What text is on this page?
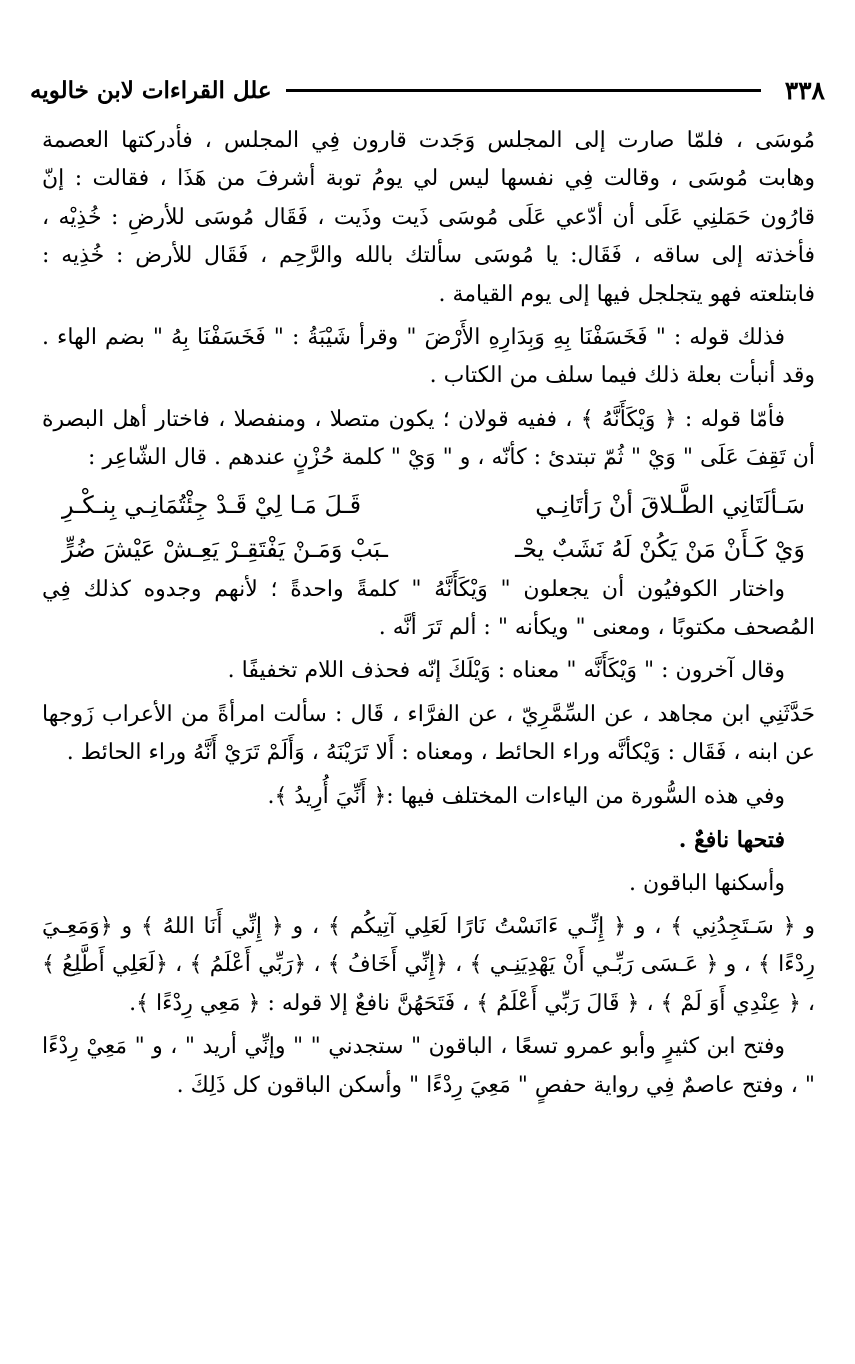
٣٣٨
علل القراءات لابن خالويه

مُوسَى ، فلمّا صارت إلى المجلس وَجَدت قارون فِي المجلس ، فأدركتها العصمة وهابت مُوسَى ، وقالت فِي نفسها ليس لي يومُ توبة أشرفَ من هَذَا ، فقالت : إنّ قارُون حَمَلنِي عَلَى أن أدّعي عَلَى مُوسَى ذَيت وذَيت ، فَقَال مُوسَى للأرضِ : خُذِيْه ، فأخذته إلى ساقه ، فَقَال: يا مُوسَى سألتك بالله والرَّحِم ، فَقَال للأرض : خُذِيه : فابتلعته فهو يتجلجل فيها إلى يوم القيامة .

فذلك قوله : " فَخَسَفْنَا بِهِ وَبِدَارِهِ الأَرْضَ " وقرأ شَيْبَةُ : " فَخَسَفْنَا بِهُ " بضم الهاء . وقد أنبأت بعلة ذلك فيما سلف من الكتاب .

فأمّا قوله : ﴿ وَيْكَأَنَّهُ ﴾ ، ففيه قولان ؛ يكون متصلا ، ومنفصلا ، فاختار أهل البصرة أن تَقِفَ عَلَى " وَيْ " ثُمّ تبتدئ : كأنّه ، و " وَيْ " كلمة حُزْنٍ عندهم . قال الشّاعِر :

سَـألَتَانِي الطَّـلاقَ أنْ رَأتَانِـي
قَـلَ مَـا لِيْ قَـدْ جِئْتُمَانِـي بِنـكْـرِ
وَيْ كَـأَنْ مَنْ يَكُنْ لَهُ نَشَبٌ يحْـ
ـبَبْ وَمَـنْ يَفْتَقِـرْ يَعِـشْ عَيْشَ ضُرٍّ

واختار الكوفيُون أن يجعلون " وَيْكَأَنَّهُ " كلمةً واحدةً ؛ لأنهم وجدوه كذلك فِي المُصحف مكتوبًا ، ومعنى " ويكأنه " : ألم تَرَ أنَّه .

وقال آخرون : " وَيْكَأَنَّه " معناه : وَيْلَكَ إنّه فحذف اللام تخفيفًا .

حَدَّثَنِي ابن مجاهد ، عن السِّمَّرِيّ ، عن الفرَّاء ، قَال : سألت امرأةً من الأعراب زَوجها عن ابنه ، فَقَال : وَيْكأنَّه وراء الحائط ، ومعناه : أَلا تَرَيْنَهُ ، وَأَلَمْ تَرَيْ أَنَّهُ وراء الحائط .

وفي هذه السُّورة من الياءات المختلف فيها :﴿ أَنِّيَ أُرِيدُ ﴾.

فتحها نافعٌ .

وأسكنها الباقون .

و ﴿ سَـتَجِدُنِي ﴾ ، و ﴿ إِنِّـي ءَانَسْتُ نَارًا لَعَلِي آتِيكُم ﴾ ، و ﴿ إِنِّي أَنَا اللهُ ﴾ و ﴿وَمَعِـيَ رِدْءًا ﴾ ، و ﴿ عَـسَى رَبِّـي أَنْ يَهْدِيَنِـي ﴾ ، ﴿إِنِّي أَخَافُ ﴾ ، ﴿رَبِّي أَعْلَمُ ﴾ ، ﴿لَعَلِي أَطَّلِعُ ﴾ ، ﴿ عِنْدِي أَوَ لَمْ ﴾ ، ﴿ قَالَ رَبِّي أَعْلَمُ ﴾ ، فَتَحَهُنَّ نافعٌ إلا قوله : ﴿ مَعِي رِدْءًا ﴾.

وفتح ابن كثيرٍ وأبو عمرو تسعًا ، الباقون " ستجدني " " وإنِّي أريد " ، و " مَعِيْ رِدْءًا " ، وفتح عاصمٌ فِي رواية حفصٍ " مَعِيَ رِدْءًا " وأسكن الباقون كل ذَلِكَ .
